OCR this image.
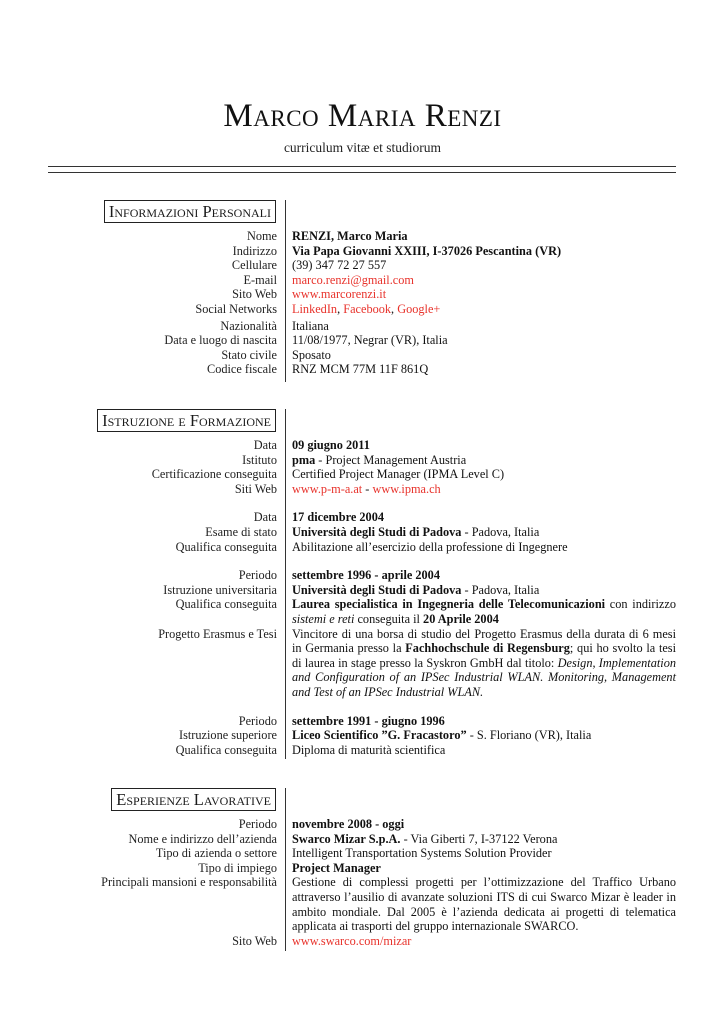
Marco Maria Renzi
curriculum vitæ et studiorum
Informazioni Personali
Nome	RENZI, Marco Maria
Indirizzo	Via Papa Giovanni XXIII, I-37026 Pescantina (VR)
Cellulare	(39) 347 72 27 557
E-mail	marco.renzi@gmail.com
Sito Web	www.marcorenzi.it
Social Networks	LinkedIn, Facebook, Google+
Nazionalità	Italiana
Data e luogo di nascita	11/08/1977, Negrar (VR), Italia
Stato civile	Sposato
Codice fiscale	RNZ MCM 77M 11F 861Q
Istruzione e Formazione
Data	09 giugno 2011
Istituto	pma - Project Management Austria
Certificazione conseguita	Certified Project Manager (IPMA Level C)
Siti Web	www.p-m-a.at - www.ipma.ch
Data	17 dicembre 2004
Esame di stato	Università degli Studi di Padova - Padova, Italia
Qualifica conseguita	Abilitazione all’esercizio della professione di Ingegnere
Periodo	settembre 1996 - aprile 2004
Istruzione universitaria	Università degli Studi di Padova - Padova, Italia
Qualifica conseguita	Laurea specialistica in Ingegneria delle Telecomunicazioni con indirizzo sistemi e reti conseguita il 20 Aprile 2004
Progetto Erasmus e Tesi	Vincitore di una borsa di studio del Progetto Erasmus della durata di 6 mesi in Germania presso la Fachhochschule di Regensburg; qui ho svolto la tesi di laurea in stage presso la Syskron GmbH dal titolo: Design, Implementation and Configuration of an IPSec Industrial WLAN. Monitoring, Management and Test of an IPSec Industrial WLAN.
Periodo	settembre 1991 - giugno 1996
Istruzione superiore	Liceo Scientifico ”G. Fracastoro” - S. Floriano (VR), Italia
Qualifica conseguita	Diploma di maturità scientifica
Esperienze Lavorative
Periodo	novembre 2008 - oggi
Nome e indirizzo dell’azienda	Swarco Mizar S.p.A. - Via Giberti 7, I-37122 Verona
Tipo di azienda o settore	Intelligent Transportation Systems Solution Provider
Tipo di impiego	Project Manager
Principali mansioni e responsabilità	Gestione di complessi progetti per l’ottimizzazione del Traffico Urbano attraverso l’ausilio di avanzate soluzioni ITS di cui Swarco Mizar è leader in ambito mondiale. Dal 2005 è l’azienda dedicata ai progetti di telematica applicata ai trasporti del gruppo internazionale SWARCO.
Sito Web	www.swarco.com/mizar
